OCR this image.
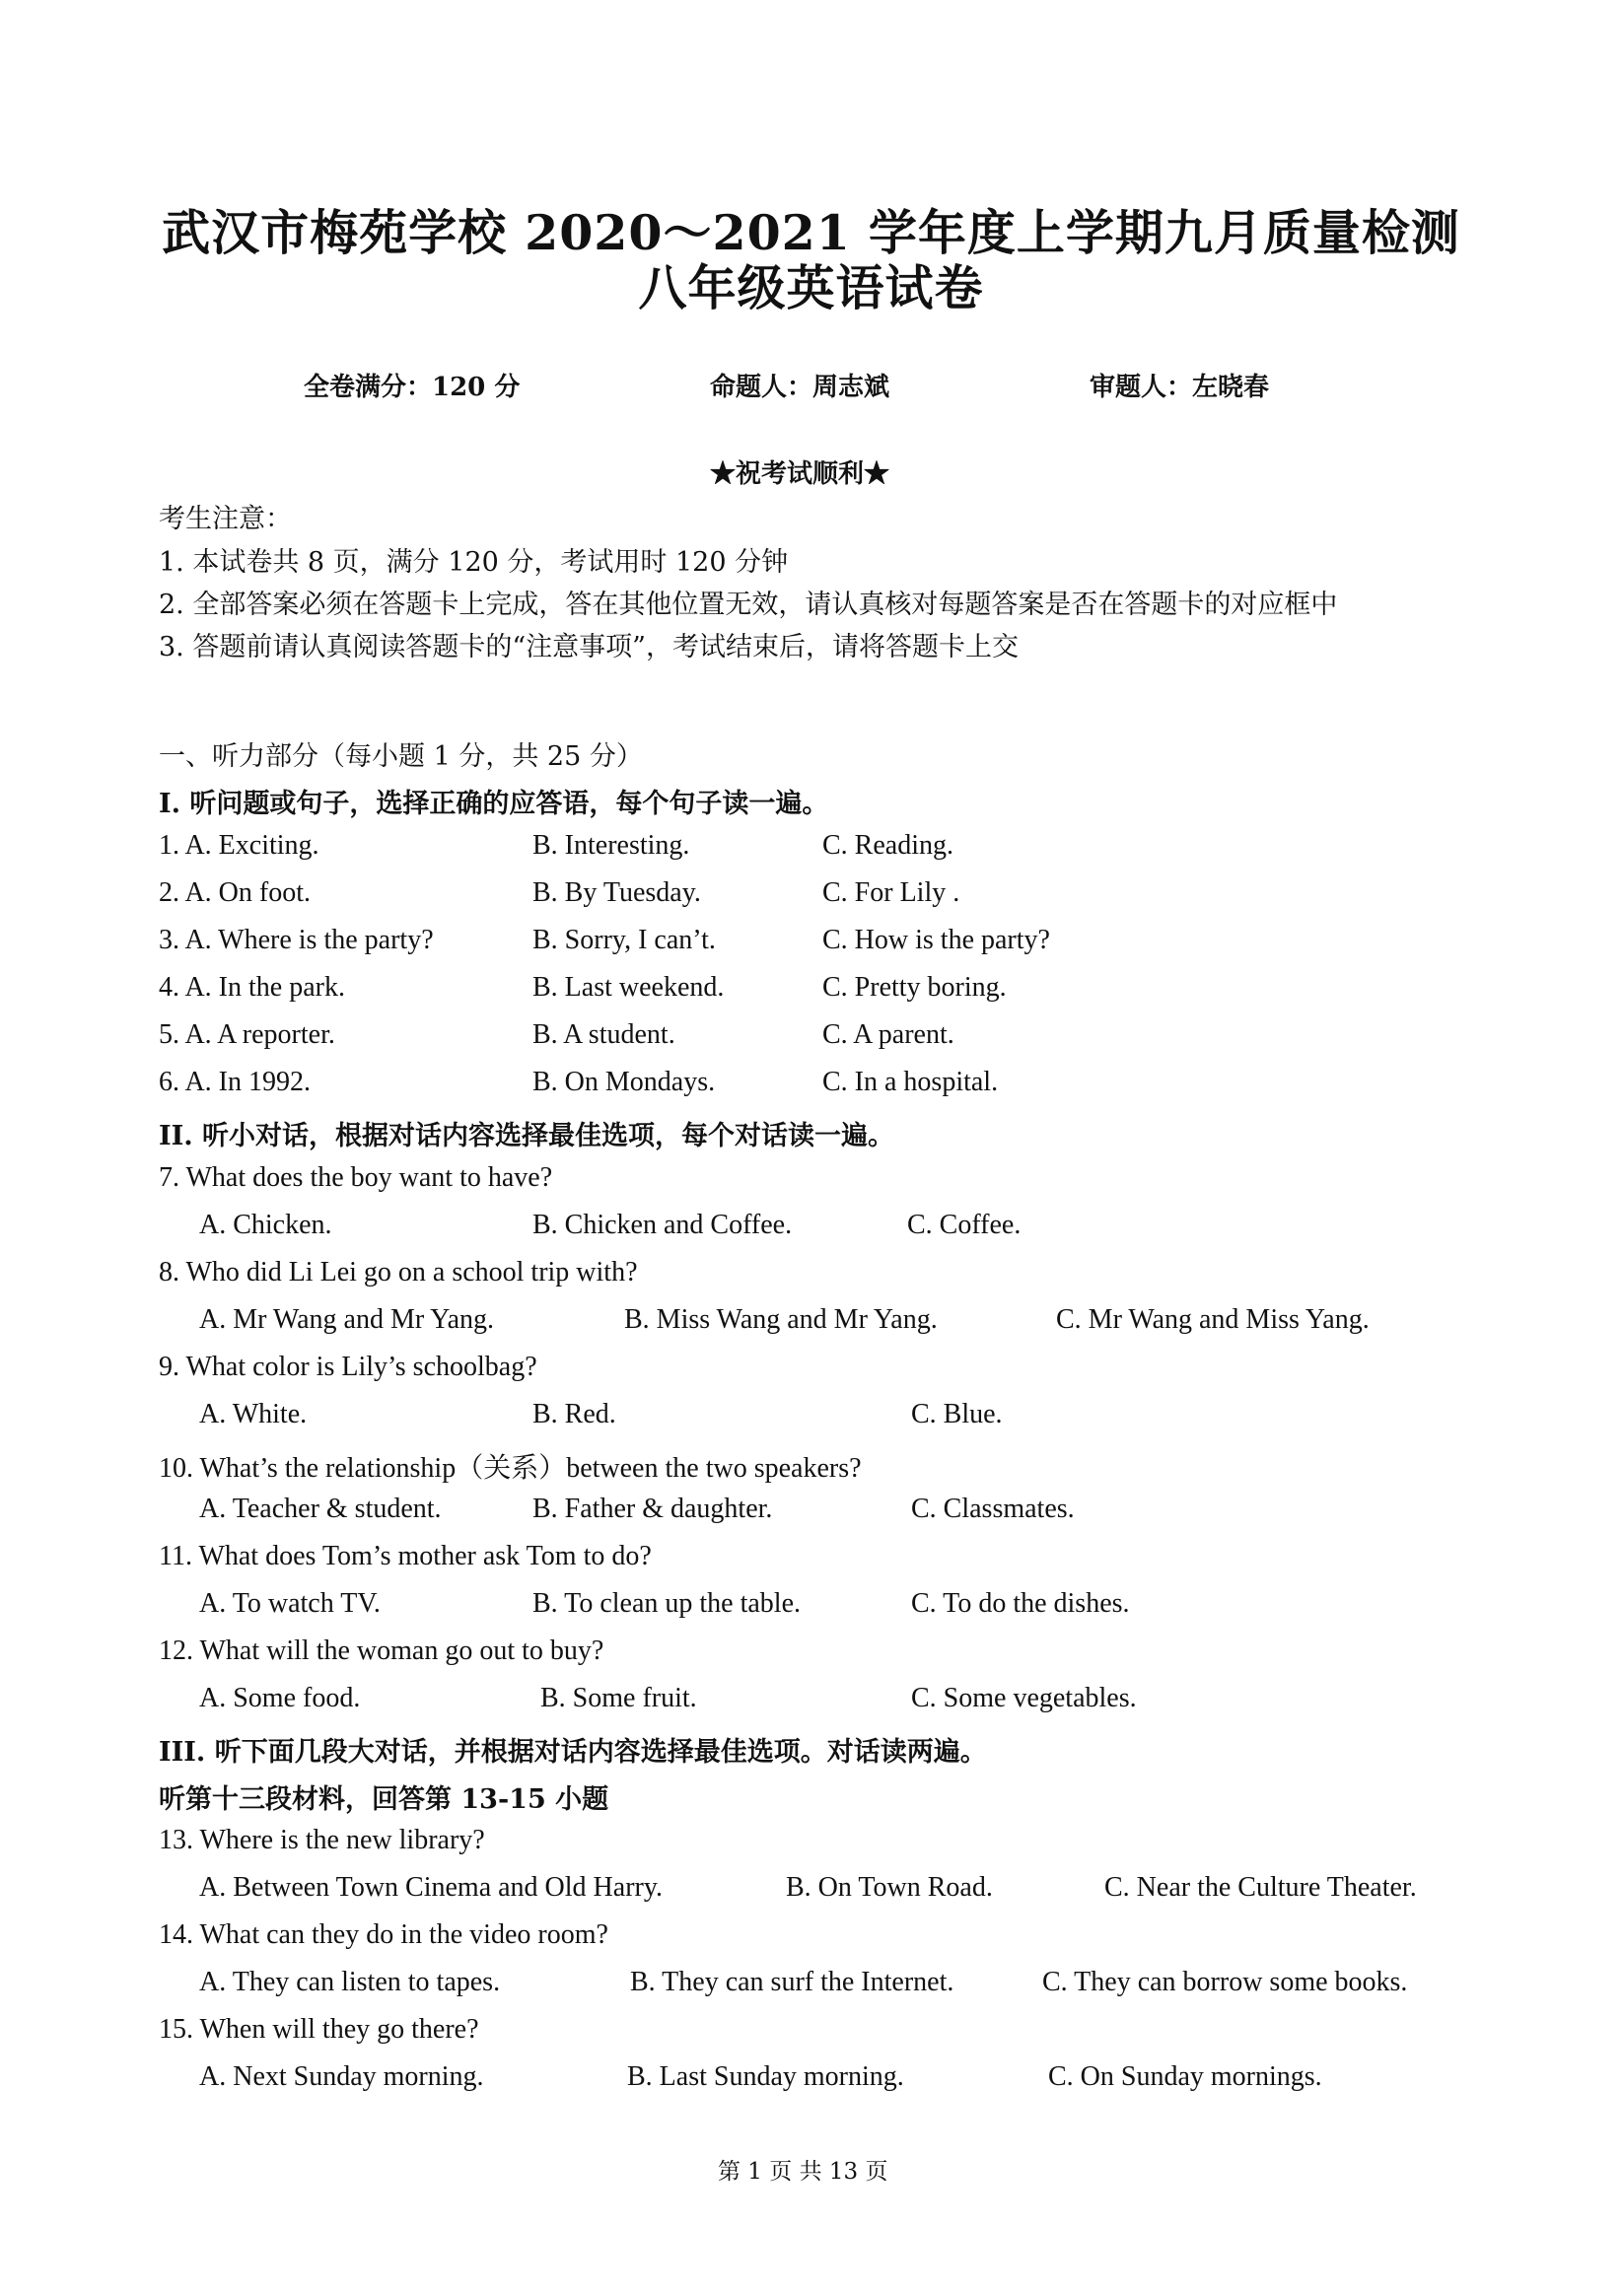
武汉市梅苑学校 2020～2021 学年度上学期九月质量检测
八年级英语试卷
全卷满分：120 分	命题人：周志斌	审题人：左晓春
★祝考试顺利★
考生注意：
1. 本试卷共 8 页，满分 120 分，考试用时 120 分钟
2. 全部答案必须在答题卡上完成，答在其他位置无效，请认真核对每题答案是否在答题卡的对应框中
3. 答题前请认真阅读答题卡的“注意事项”，考试结束后，请将答题卡上交
一、听力部分（每小题 1 分，共 25 分）
I. 听问题或句子，选择正确的应答语，每个句子读一遍。
1. A. Exciting.	B. Interesting.	C. Reading.
2. A. On foot.	B. By Tuesday.	C. For Lily .
3. A. Where is the party?	B. Sorry, I can’t.	C. How is the party?
4. A. In the park.	B. Last weekend.	C. Pretty boring.
5. A. A reporter.	B. A student.	C. A parent.
6. A. In 1992.	B. On Mondays.	C. In a hospital.
II. 听小对话，根据对话内容选择最佳选项，每个对话读一遍。
7. What does the boy want to have?
A. Chicken.	B. Chicken and Coffee.	C. Coffee.
8. Who did Li Lei go on a school trip with?
A. Mr Wang and Mr Yang.	B. Miss Wang and Mr Yang.	C. Mr Wang and Miss Yang.
9. What color is Lily’s schoolbag?
A. White.	B. Red.	C. Blue.
10. What’s the relationship（关系）between the two speakers?
A. Teacher & student.	B. Father & daughter.	C. Classmates.
11. What does Tom’s mother ask Tom to do?
A. To watch TV.	B. To clean up the table.	C. To do the dishes.
12. What will the woman go out to buy?
A. Some food.	B. Some fruit.	C. Some vegetables.
III. 听下面几段大对话，并根据对话内容选择最佳选项。对话读两遍。
听第十三段材料，回答第 13-15 小题
13. Where is the new library?
A. Between Town Cinema and Old Harry.	B. On Town Road.	C. Near the Culture Theater.
14. What can they do in the video room?
A. They can listen to tapes.	B. They can surf the Internet.	C. They can borrow some books.
15. When will they go there?
A. Next Sunday morning.	B. Last Sunday morning.	C. On Sunday mornings.
第 1 页 共 13 页
